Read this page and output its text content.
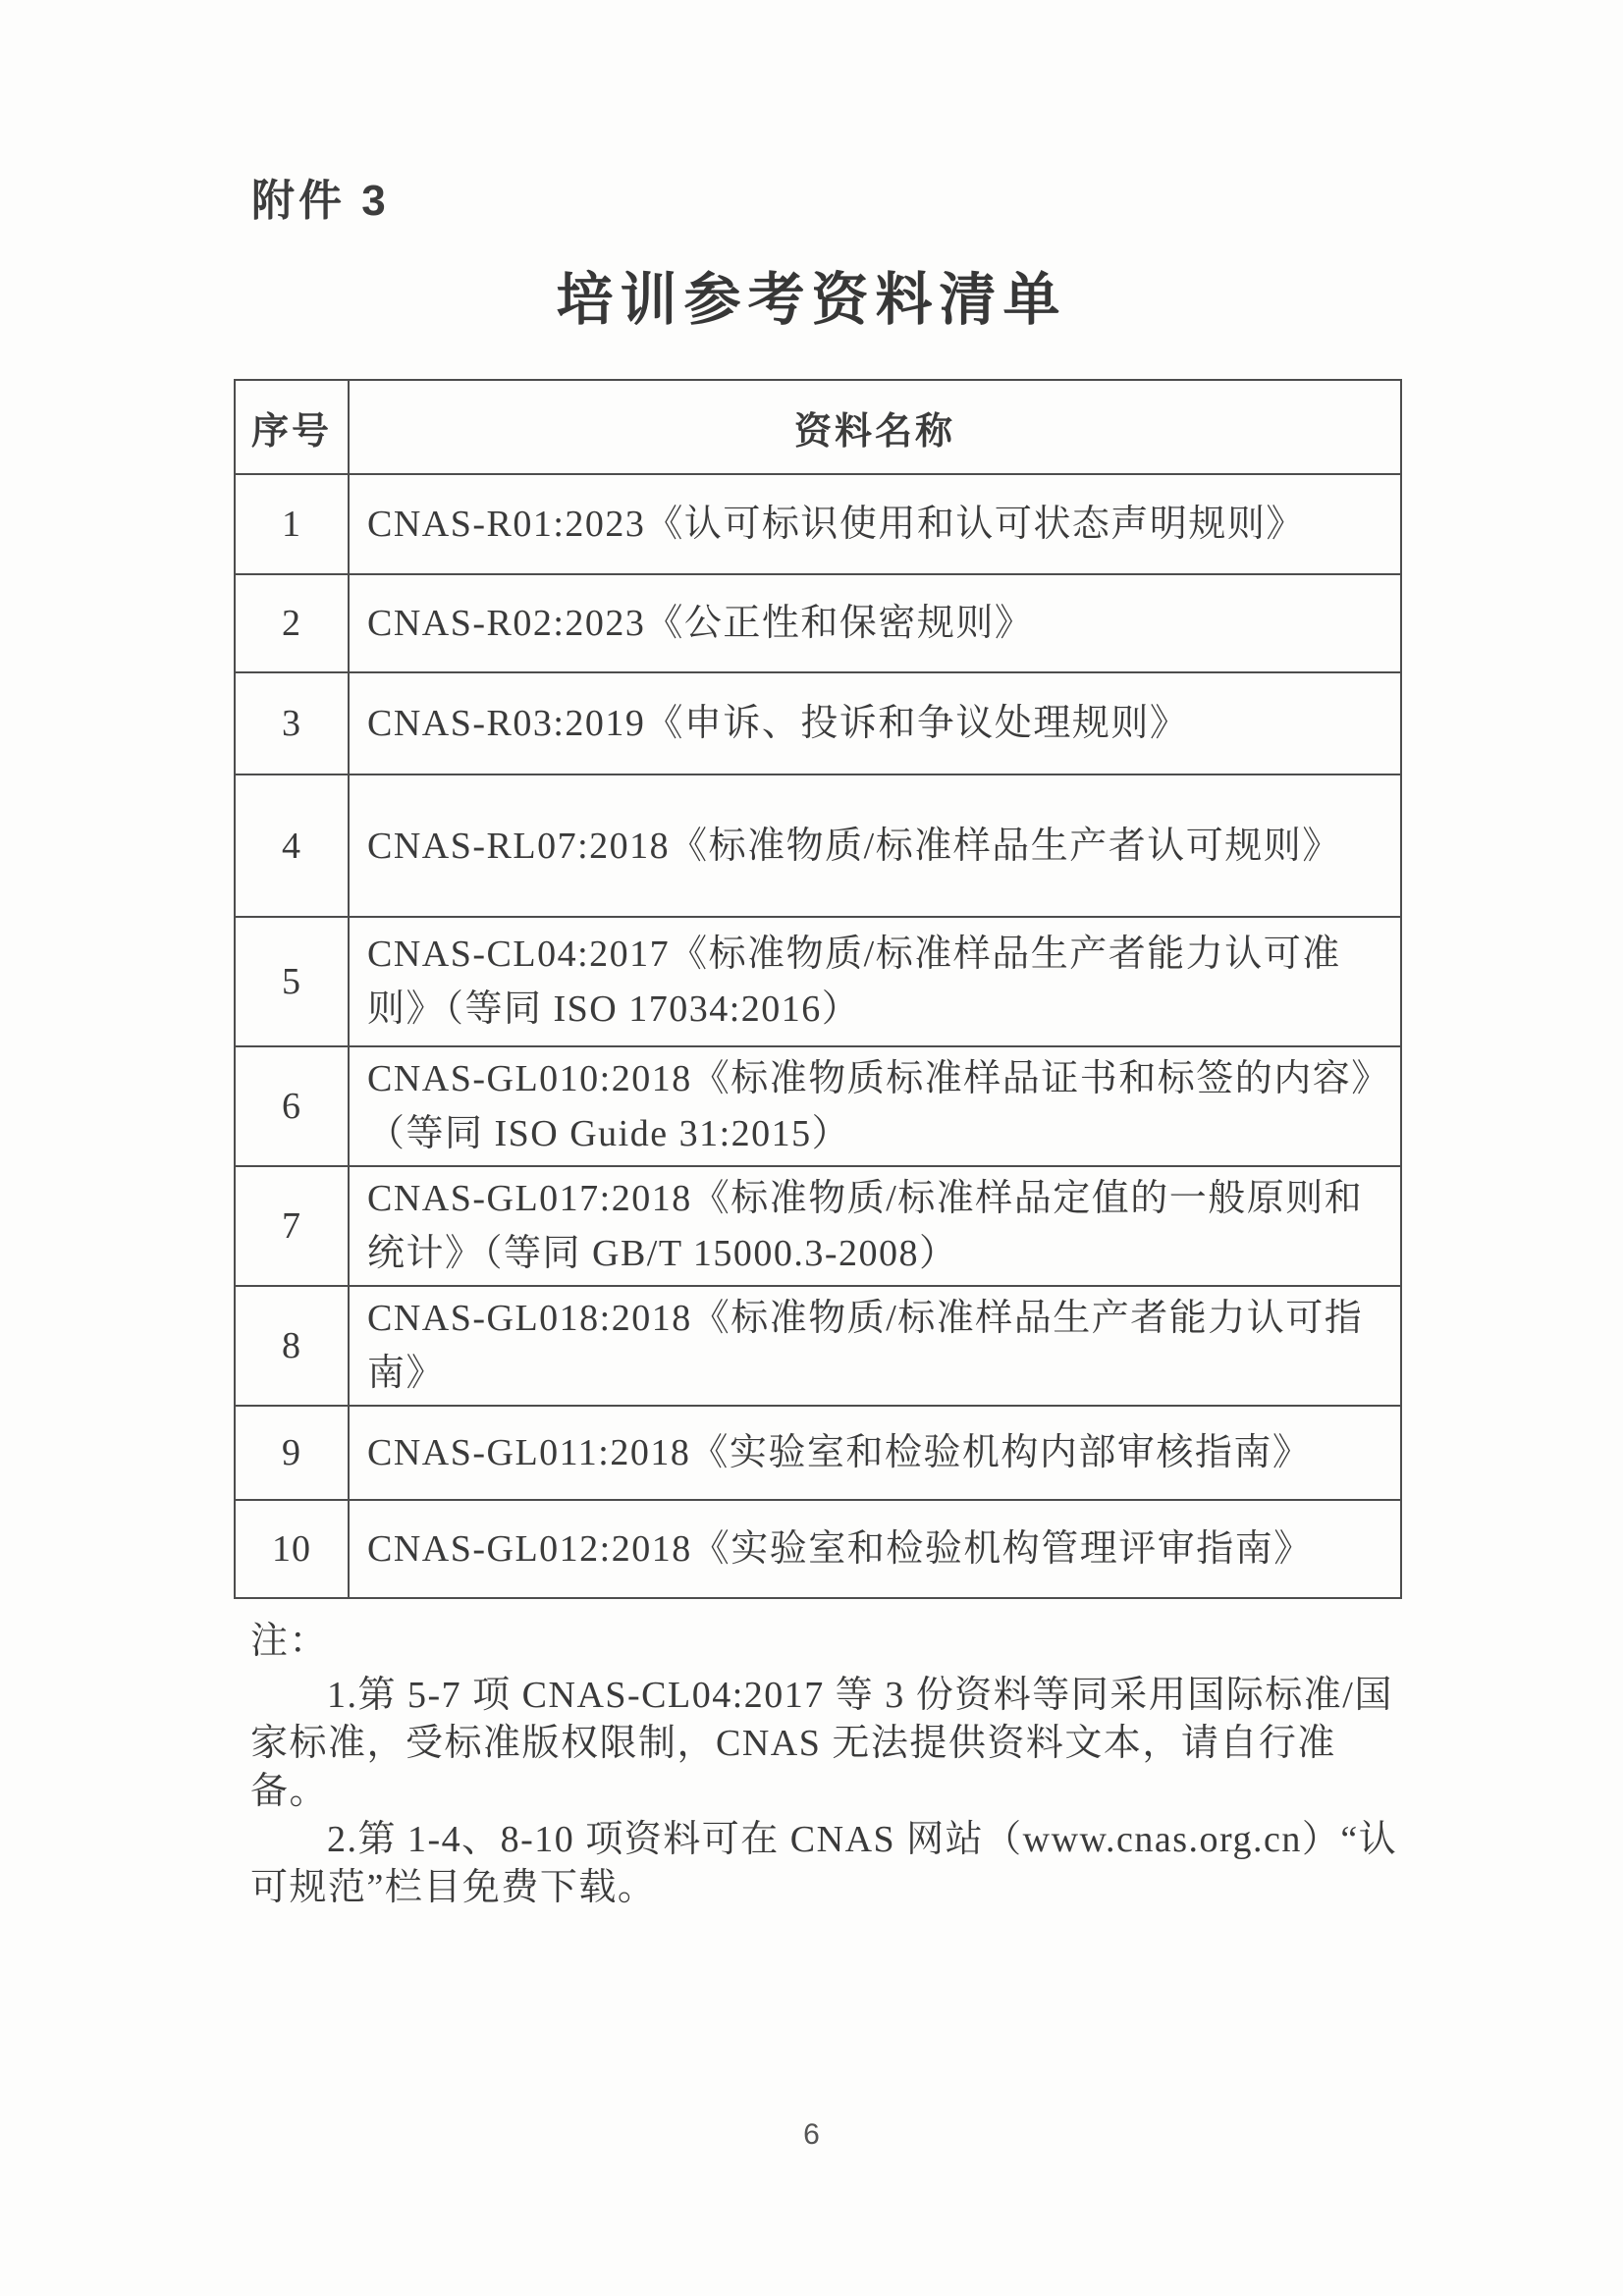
附件 3
培训参考资料清单
序号	资料名称
1	CNAS-R01:2023《认可标识使用和认可状态声明规则》
2	CNAS-R02:2023《公正性和保密规则》
3	CNAS-R03:2019《申诉、投诉和争议处理规则》
4	CNAS-RL07:2018《标准物质/标准样品生产者认可规则》
5	CNAS-CL04:2017《标准物质/标准样品生产者能力认可准则》（等同 ISO 17034:2016）
6	CNAS-GL010:2018《标准物质标准样品证书和标签的内容》（等同 ISO Guide 31:2015）
7	CNAS-GL017:2018《标准物质/标准样品定值的一般原则和统计》（等同 GB/T 15000.3-2008）
8	CNAS-GL018:2018《标准物质/标准样品生产者能力认可指南》
9	CNAS-GL011:2018《实验室和检验机构内部审核指南》
10	CNAS-GL012:2018《实验室和检验机构管理评审指南》

注：

1.第 5-7 项 CNAS-CL04:2017 等 3 份资料等同采用国际标准/国家标准，受标准版权限制，CNAS 无法提供资料文本，请自行准备。

2.第 1-4、8-10 项资料可在 CNAS 网站（www.cnas.org.cn）“认可规范”栏目免费下载。

6
